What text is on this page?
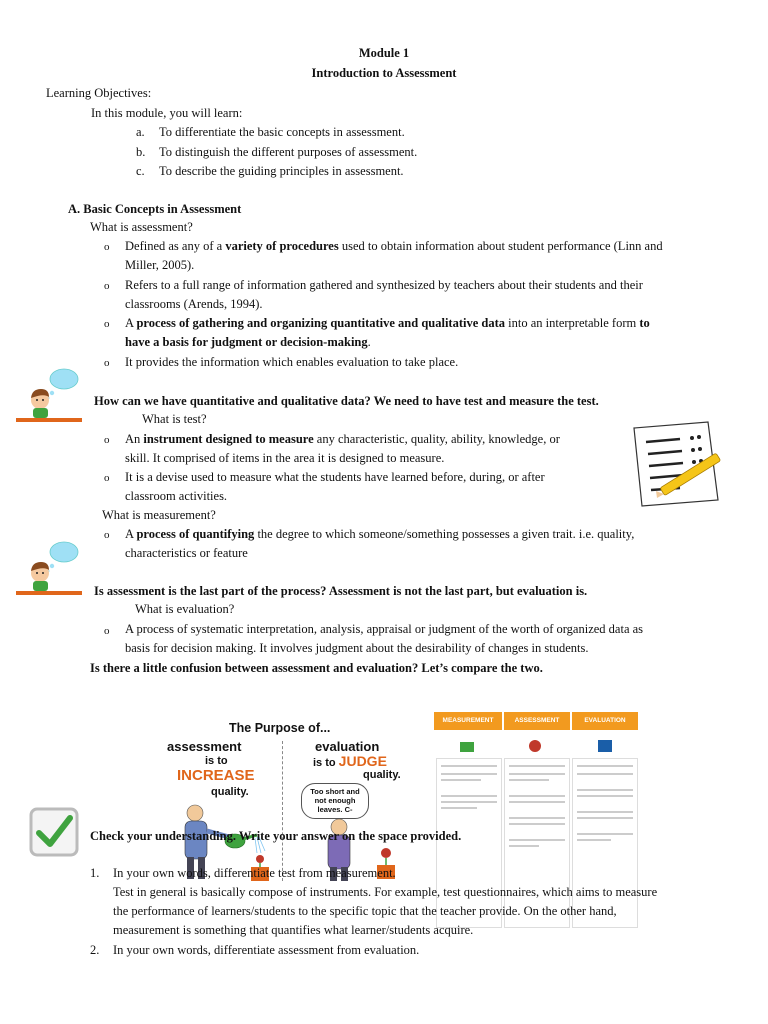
Module 1
Introduction to Assessment
Learning Objectives:
In this module, you will learn:
a. To differentiate the basic concepts in assessment.
b. To distinguish the different purposes of assessment.
c. To describe the guiding principles in assessment.
A. Basic Concepts in Assessment
What is assessment?
o Defined as any of a variety of procedures used to obtain information about student performance (Linn and
Miller, 2005).
o Refers to a full range of information gathered and synthesized by teachers about their students and their
classrooms (Arends, 1994).
o A process of gathering and organizing quantitative and qualitative data into an interpretable form to
have a basis for judgment or decision-making.
o It provides the information which enables evaluation to take place.
How can we have quantitative and qualitative data? We need to have test and measure the test.
What is test?
o An instrument designed to measure any characteristic, quality, ability, knowledge, or
skill. It comprised of items in the area it is designed to measure.
o It is a devise used to measure what the students have learned before, during, or after
classroom activities.
What is measurement?
o A process of quantifying the degree to which someone/something possesses a given trait. i.e. quality,
characteristics or feature
Is assessment is the last part of the process? Assessment is not the last part, but evaluation is.
What is evaluation?
o A process of systematic interpretation, analysis, appraisal or judgment of the worth of organized data as
basis for decision making. It involves judgment about the desirability of changes in students.
Is there a little confusion between assessment and evaluation? Let’s compare the two.
The Purpose of...
assessment
is to
INCREASE
quality.
evaluation
is to JUDGE
quality.
Too short and not enough leaves. C-
MEASUREMENT	ASSESSMENT	EVALUATION
Check your understanding. Write your answer on the space provided.
1. In your own words, differentiate test from measurement.
Test in general is basically compose of instruments. For example, test questionnaires, which aims to measure
the performance of learners/students to the specific topic that the teacher provide. On the other hand,
measurement is something that quantifies what learner/students acquire.
2. In your own words, differentiate assessment from evaluation.
